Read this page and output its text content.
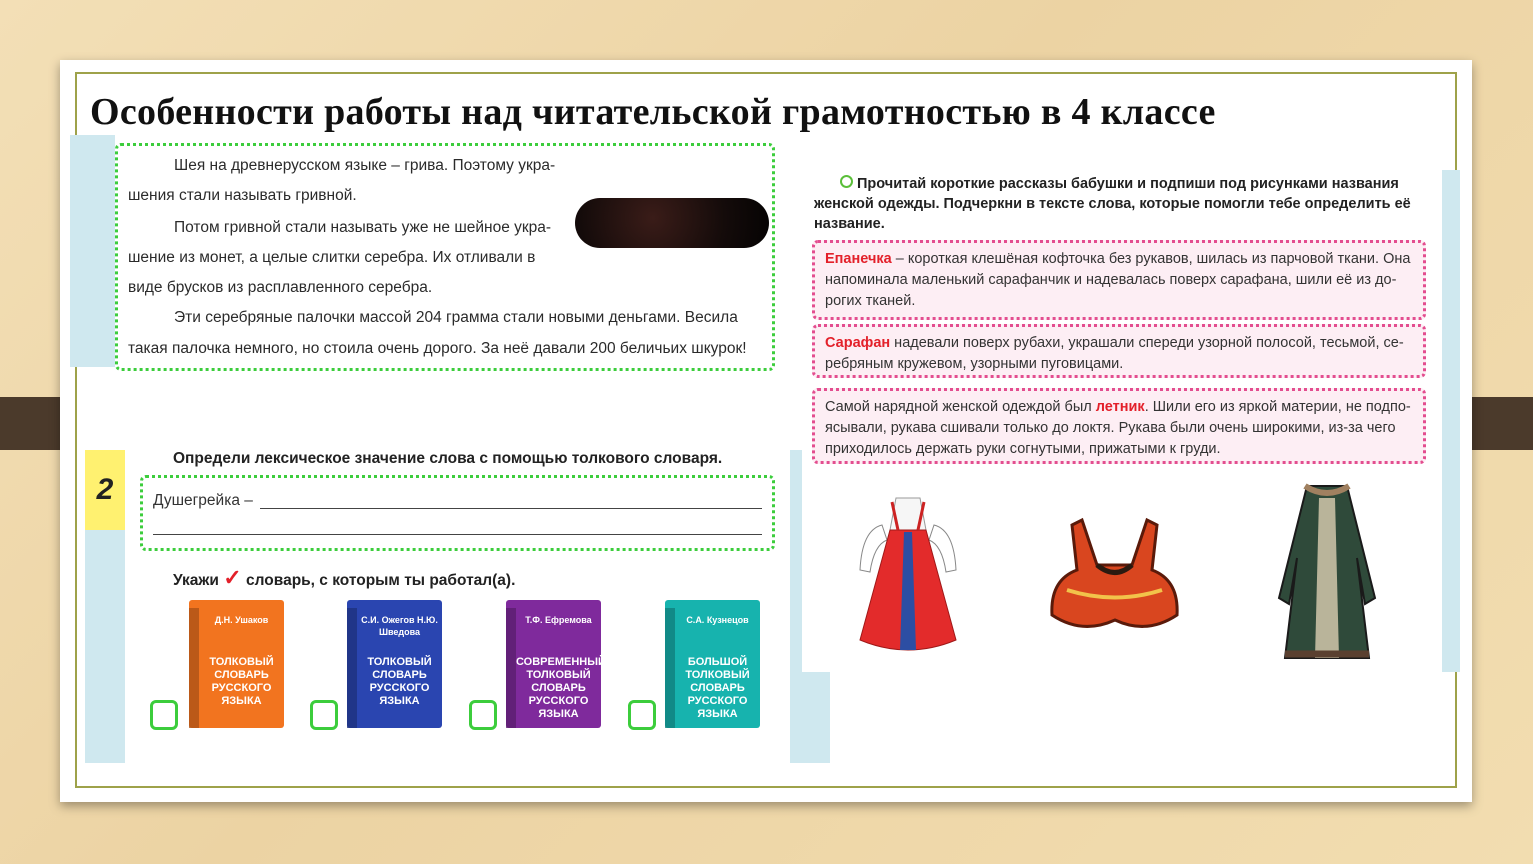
Особенности работы над читательской грамотностью в 4 классе

Шея на древнерусском языке – грива. Поэтому укра-

шения стали называть гривной.

Потом гривной стали называть уже не шейное укра-

шение из монет, а целые слитки серебра. Их отливали в

виде брусков из расплавленного серебра.

Эти серебряные палочки массой 204 грамма стали новыми деньгами. Весила

такая палочка немного, но стоила очень дорого. За неё давали 200 беличьих шкурок!

2
Определи лексическое значение слова с помощью толкового словаря.
Душегрейка –
Укажи ✓ словарь, с которым ты работал(а).
Д.Н. Ушаков
ТОЛКОВЫЙ СЛОВАРЬ РУССКОГО ЯЗЫКА
С.И. Ожегов Н.Ю. Шведова
ТОЛКОВЫЙ СЛОВАРЬ РУССКОГО ЯЗЫКА
Т.Ф. Ефремова
СОВРЕМЕННЫЙ ТОЛКОВЫЙ СЛОВАРЬ РУССКОГО ЯЗЫКА
С.А. Кузнецов
БОЛЬШОЙ ТОЛКОВЫЙ СЛОВАРЬ РУССКОГО ЯЗЫКА
Прочитай короткие рассказы бабушки и подпиши под рисунками названия женской одежды. Подчеркни в тексте слова, которые помогли тебе определить её название.
Епанечка – короткая клешёная кофточка без рукавов, шилась из парчовой ткани. Она напоминала маленький сарафанчик и надевалась поверх сарафана, шили её из до-рогих тканей.
Сарафан надевали поверх рубахи, украшали спереди узорной полосой, тесьмой, се-ребряным кружевом, узорными пуговицами.
Самой нарядной женской одеждой был летник. Шили его из яркой материи, не подпо-ясывали, рукава сшивали только до локтя. Рукава были очень широкими, из-за чего приходилось держать руки согнутыми, прижатыми к груди.
